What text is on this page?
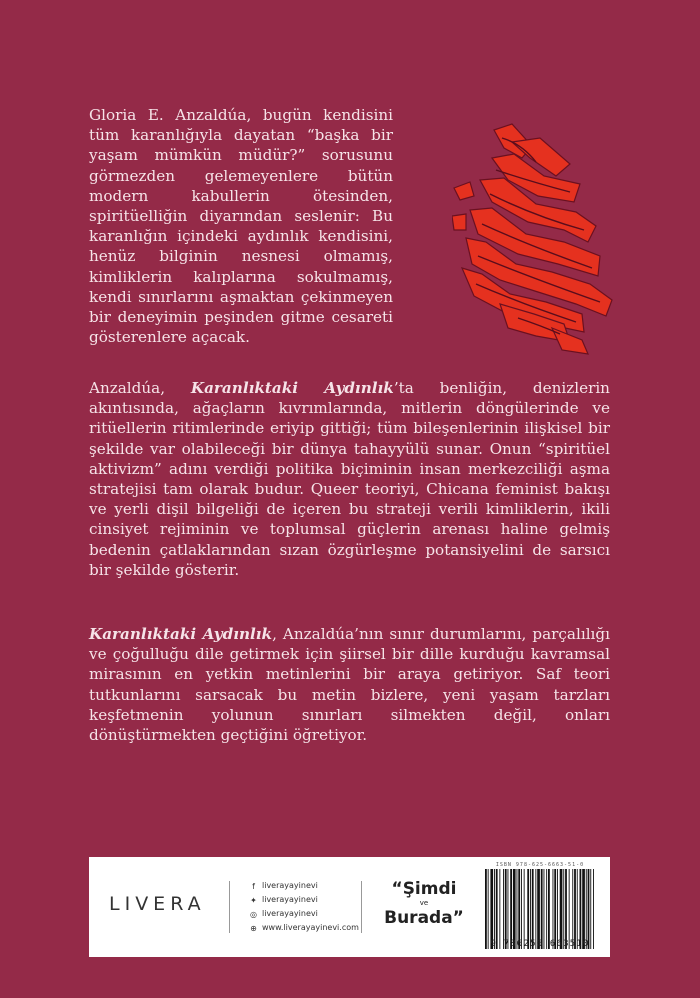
Gloria E. Anzaldúa, bugün kendisini tüm karanlığıyla dayatan “başka bir yaşam mümkün müdür?” sorusunu görmezden gelemeyenlere bütün modern kabullerin ötesinden, spiritüelliğin diyarından seslenir: Bu karanlığın içindeki aydınlık kendisini, henüz bilginin nesnesi olmamış, kimliklerin kalıplarına sokulmamış, kendi sınırlarını aşmaktan çekinmeyen bir deneyimin peşinden gitme cesareti gösterenlere açacak.

Anzaldúa, Karanlıktaki Aydınlık’ta benliğin, denizlerin akıntısında, ağaçların kıvrımlarında, mitlerin döngülerinde ve ritüellerin ritimlerinde eriyip gittiği; tüm bileşenlerinin ilişkisel bir şekilde var olabileceği bir dünya tahayyülü sunar. Onun “spiritüel aktivizm” adını verdiği politika biçiminin insan merkezciliği aşma stratejisi tam olarak budur. Queer teoriyi, Chicana feminist bakışı ve yerli dişil bilgeliği de içeren bu strateji verili kimliklerin, ikili cinsiyet rejiminin ve toplumsal güçlerin arenası haline gelmiş bedenin çatlaklarından sızan özgürleşme potansiyelini de sarsıcı bir şekilde gösterir.

Karanlıktaki Aydınlık, Anzaldúa’nın sınır durumlarını, parçalılığı ve çoğulluğu dile getirmek için şiirsel bir dille kurduğu kavramsal mirasının en yetkin metinlerini bir araya getiriyor. Saf teori tutkunlarını sarsacak bu metin bizlere, yeni yaşam tarzları keşfetmenin yolunun sınırları silmekten değil, onları dönüştürmekten geçtiğini öğretiyor.

LIVERA
f liverayayinevi
✦ liverayayinevi
◎ liverayayinevi
⊕ www.liverayayinevi.com
“Şimdi
ve
Burada”
ISBN 978-625-6663-51-0
9 786256 663510
